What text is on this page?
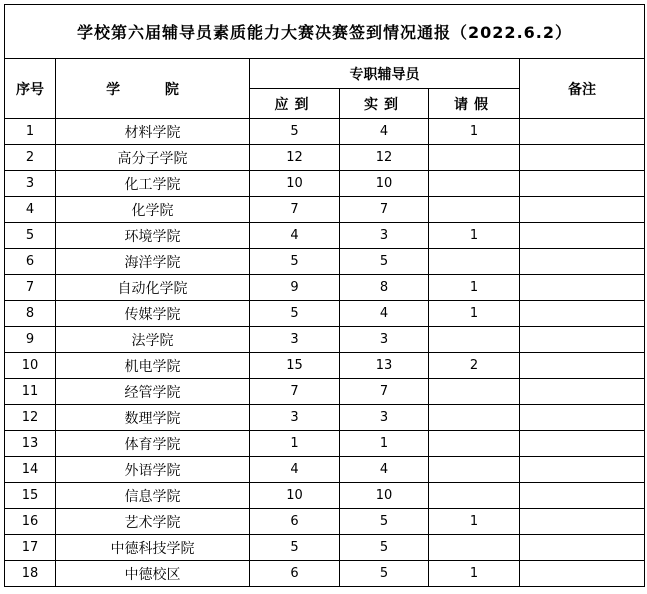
学校第六届辅导员素质能力大赛决赛签到情况通报（2022.6.2）					
序号	学 院	专职辅导员			备注
		应到	实到	请假	
1	材料学院	5	4	1	
2	高分子学院	12	12		
3	化工学院	10	10		
4	化学院	7	7		
5	环境学院	4	3	1	
6	海洋学院	5	5		
7	自动化学院	9	8	1	
8	传媒学院	5	4	1	
9	法学院	3	3		
10	机电学院	15	13	2	
11	经管学院	7	7		
12	数理学院	3	3		
13	体育学院	1	1		
14	外语学院	4	4		
15	信息学院	10	10		
16	艺术学院	6	5	1	
17	中德科技学院	5	5		
18	中德校区	6	5	1	
